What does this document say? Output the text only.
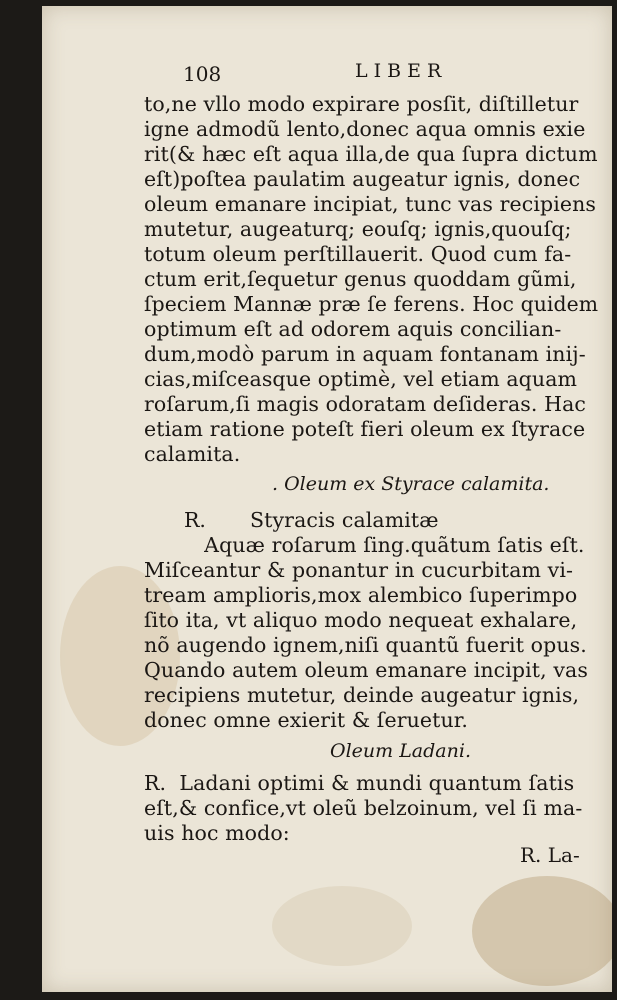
108	LIBER
to,ne vllo modo expirare posſit, diſtilletur
igne admodũ lento,donec aqua omnis exie
rit(& hæc eſt aqua illa,de qua ſupra dictum
eſt)poſtea paulatim augeatur ignis, donec
oleum emanare incipiat, tunc vas recipiens
mutetur, augeaturq; eouſq; ignis,quouſq;
totum oleum perſtillauerit. Quod cum fa-
ctum erit,ſequetur genus quoddam gũmi,
ſpeciem Mannæ præ ſe ferens. Hoc quidem
optimum eſt ad odorem aquis concilian-
dum,modò parum in aquam fontanam inij-
cias,miſceasque optimè, vel etiam aquam
roſarum,ſi magis odoratam deſideras. Hac
etiam ratione poteſt fieri oleum ex ſtyrace
calamita.
. Oleum ex Styrace calamita.
R. Styracis calamitæ
Aquæ roſarum ſing.quãtum ſatis eſt.
Miſceantur & ponantur in cucurbitam vi-
tream amplioris,mox alembico ſuperimpo
ſito ita, vt aliquo modo nequeat exhalare,
nõ augendo ignem,niſi quantũ fuerit opus.
Quando autem oleum emanare incipit, vas
recipiens mutetur, deinde augeatur ignis,
donec omne exierit & ſeruetur.
Oleum Ladani.
R.  Ladani optimi & mundi quantum ſatis
eſt,& confice,vt oleũ belzoinum, vel ſi ma-
uis hoc modo:
R. La-
